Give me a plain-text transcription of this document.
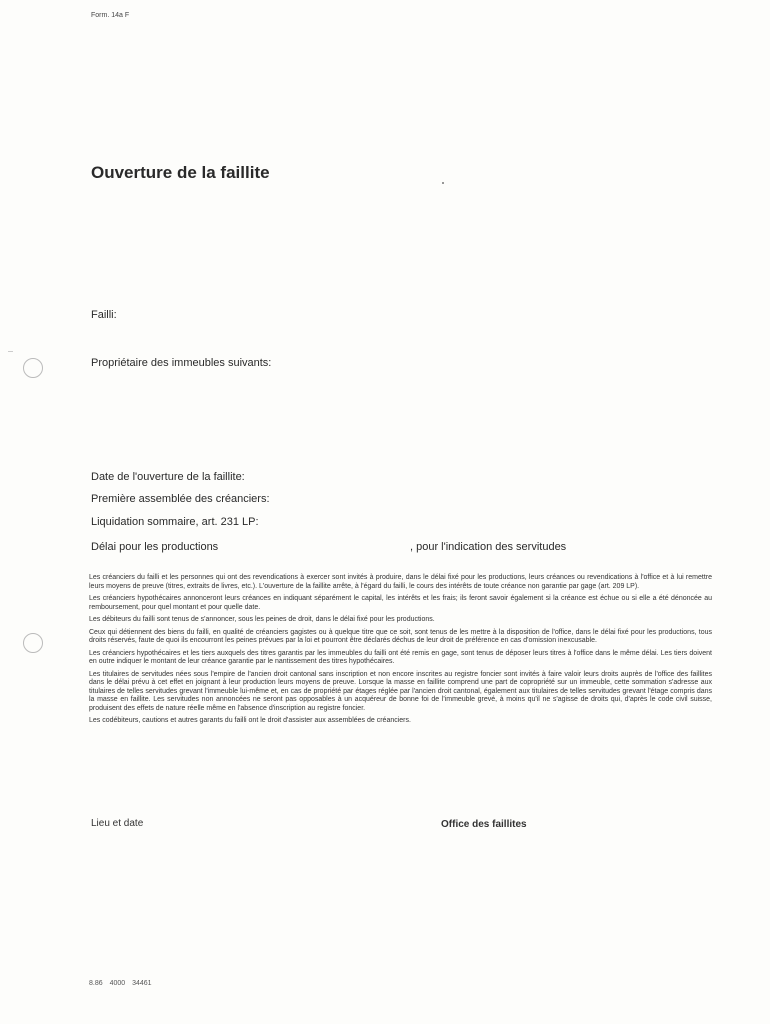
Form. 14a F
Ouverture de la faillite
Failli:
Propriétaire des immeubles suivants:
Date de l'ouverture de la faillite:
Première assemblée des créanciers:
Liquidation sommaire, art. 231 LP:
Délai pour les productions	, pour l'indication des servitudes

Les créanciers du failli et les personnes qui ont des revendications à exercer sont invités à produire, dans le délai fixé pour les productions, leurs créances ou revendications à l'office et à lui remettre leurs moyens de preuve (titres, extraits de livres, etc.). L'ouverture de la faillite arrête, à l'égard du failli, le cours des intérêts de toute créance non garantie par gage (art. 209 LP).

Les créanciers hypothécaires annonceront leurs créances en indiquant séparément le capital, les intérêts et les frais; ils feront savoir également si la créance est échue ou si elle a été dénoncée au remboursement, pour quel montant et pour quelle date.

Les débiteurs du failli sont tenus de s'annoncer, sous les peines de droit, dans le délai fixé pour les productions.

Ceux qui détiennent des biens du failli, en qualité de créanciers gagistes ou à quelque titre que ce soit, sont tenus de les mettre à la disposition de l'office, dans le délai fixé pour les productions, tous droits réservés, faute de quoi ils encourront les peines prévues par la loi et pourront être déclarés déchus de leur droit de préférence en cas d'omission inexcusable.

Les créanciers hypothécaires et les tiers auxquels des titres garantis par les immeubles du failli ont été remis en gage, sont tenus de déposer leurs titres à l'office dans le même délai. Les tiers doivent en outre indiquer le montant de leur créance garantie par le nantissement des titres hypothécaires.

Les titulaires de servitudes nées sous l'empire de l'ancien droit cantonal sans inscription et non encore inscrites au registre foncier sont invités à faire valoir leurs droits auprès de l'office des faillites dans le délai prévu à cet effet en joignant à leur production leurs moyens de preuve. Lorsque la masse en faillite comprend une part de copropriété sur un immeuble, cette sommation s'adresse aux titulaires de telles servitudes grevant l'immeuble lui-même et, en cas de propriété par étages réglée par l'ancien droit cantonal, également aux titulaires de telles servitudes grevant l'étage compris dans la masse en faillite. Les servitudes non annoncées ne seront pas opposables à un acquéreur de bonne foi de l'immeuble grevé, à moins qu'il ne s'agisse de droits qui, d'après le code civil suisse, produisent des effets de nature réelle même en l'absence d'inscription au registre foncier.

Les codébiteurs, cautions et autres garants du failli ont le droit d'assister aux assemblées de créanciers.

Lieu et date	Office des faillites
8.86 4000 34461
